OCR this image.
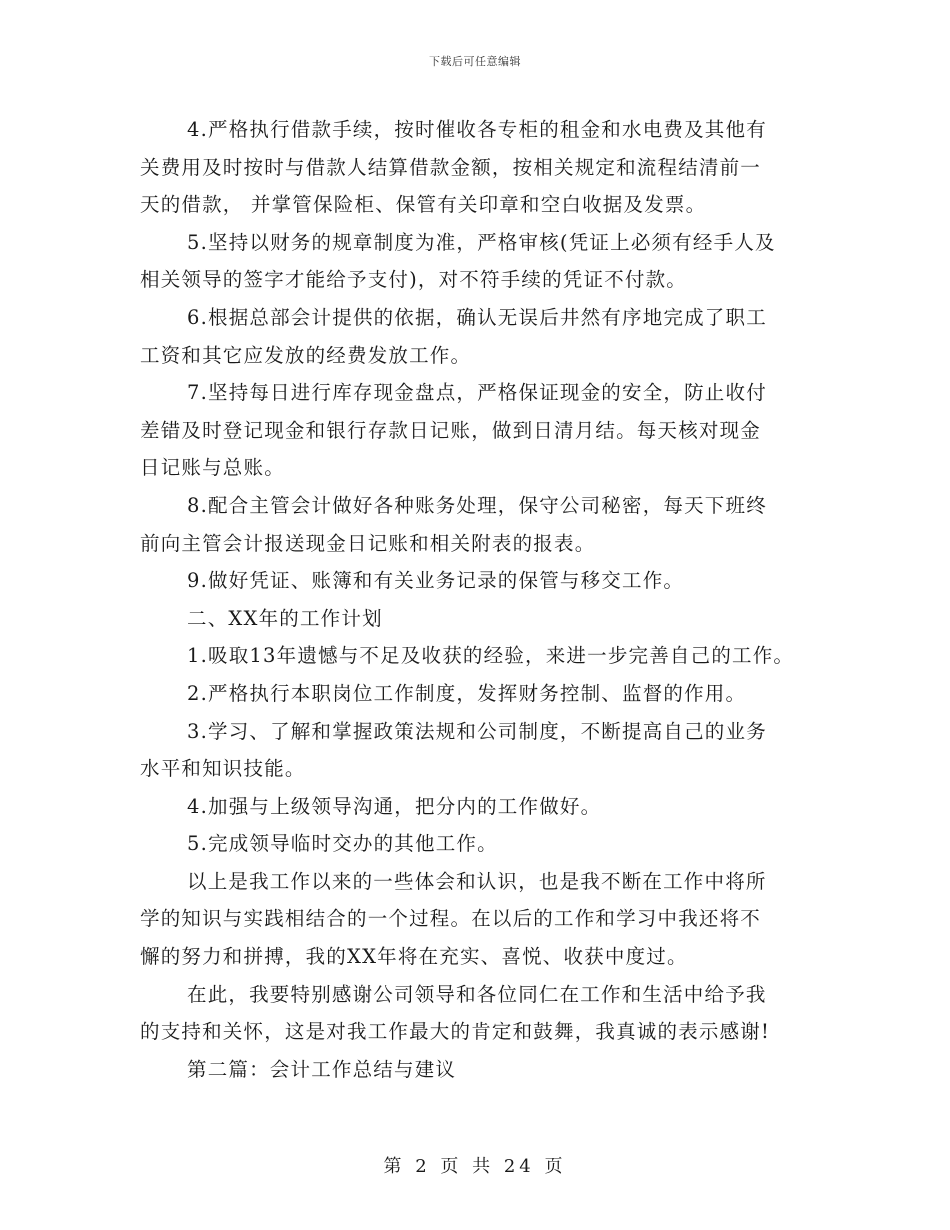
下载后可任意编辑
4.严格执行借款手续，按时催收各专柜的租金和水电费及其他有
关费用及时按时与借款人结算借款金额，按相关规定和流程结清前一
天的借款， 并掌管保险柜、保管有关印章和空白收据及发票。
5.坚持以财务的规章制度为准，严格审核(凭证上必须有经手人及
相关领导的签字才能给予支付)，对不符手续的凭证不付款。
6.根据总部会计提供的依据，确认无误后井然有序地完成了职工
工资和其它应发放的经费发放工作。
7.坚持每日进行库存现金盘点，严格保证现金的安全，防止收付
差错及时登记现金和银行存款日记账，做到日清月结。每天核对现金
日记账与总账。
8.配合主管会计做好各种账务处理，保守公司秘密，每天下班终
前向主管会计报送现金日记账和相关附表的报表。
9.做好凭证、账簿和有关业务记录的保管与移交工作。
二、XX年的工作计划
1.吸取13年遗憾与不足及收获的经验，来进一步完善自己的工作。
2.严格执行本职岗位工作制度，发挥财务控制、监督的作用。
3.学习、了解和掌握政策法规和公司制度，不断提高自己的业务
水平和知识技能。
4.加强与上级领导沟通，把分内的工作做好。
5.完成领导临时交办的其他工作。
以上是我工作以来的一些体会和认识，也是我不断在工作中将所
学的知识与实践相结合的一个过程。在以后的工作和学习中我还将不
懈的努力和拼搏，我的XX年将在充实、喜悦、收获中度过。
在此，我要特别感谢公司领导和各位同仁在工作和生活中给予我
的支持和关怀，这是对我工作最大的肯定和鼓舞，我真诚的表示感谢!
第二篇：会计工作总结与建议
第 2 页 共 24 页
